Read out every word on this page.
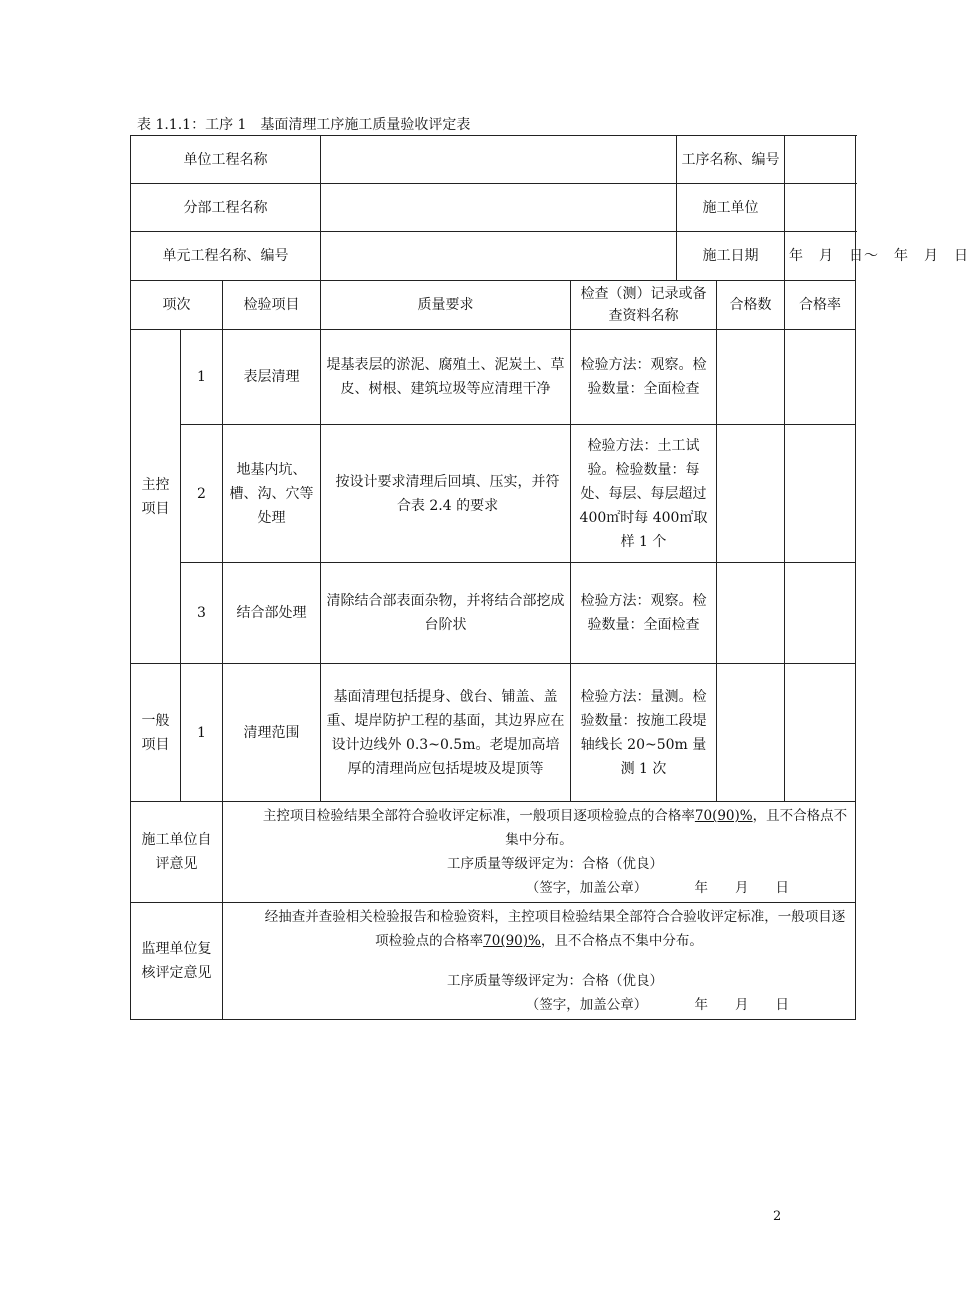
表 1.1.1：工序 1　基面清理工序施工质量验收评定表
单位工程名称					工序名称、编号		
分部工程名称					施工单位		
单元工程名称、编号					施工日期		年　月　日～　年　月　日
项次		检验项目	质量要求	检查（测）记录或备查资料名称		合格数	合格率
主控项目	1	表层清理	堤基表层的淤泥、腐殖土、泥炭土、草皮、树根、建筑垃圾等应清理干净	检验方法：观察。检验数量：全面检查			
	2	地基内坑、槽、沟、穴等处理	按设计要求清理后回填、压实，并符合表 2.4 的要求	检验方法：土工试验。检验数量：每处、每层、每层超过 400㎡时每 400㎡取样 1 个			
	3	结合部处理	清除结合部表面杂物，并将结合部挖成台阶状	检验方法：观察。检验数量：全面检查			
一般项目	1	清理范围	基面清理包括提身、戗台、铺盖、盖重、堤岸防护工程的基面，其边界应在设计边线外 0.3~0.5m。老堤加高培厚的清理尚应包括堤坡及堤顶等	检验方法：量测。检验数量：按施工段堤轴线长 20~50m 量测 1 次			
施工单位自评意见		主控项目检验结果全部符合验收评定标准，一般项目逐项检验点的合格率70(90)%，且不合格点不集中分布。
工序质量等级评定为：合格（优良）
（签字，加盖公章）　　　　 年　　月　　日					

监理单位复核评定意见		经抽查并查验相关检验报告和检验资料，主控项目检验结果全部符合合验收评定标准，一般项目逐项检验点的合格率70(90)%，且不合格点不集中分布。
工序质量等级评定为：合格（优良）
（签字，加盖公章）　　　　 年　　月　　日					
2
